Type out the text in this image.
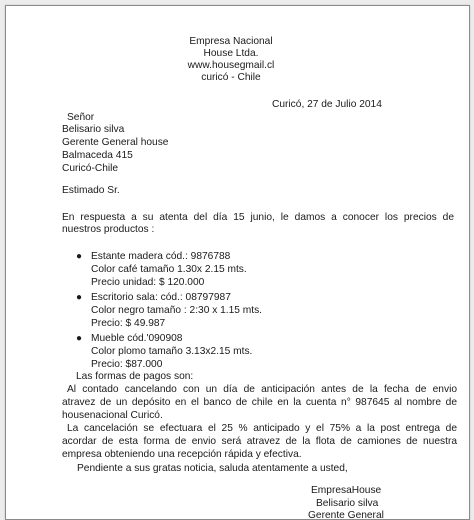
Empresa Nacional
House Ltda.
www.housegmail.cl
curicó - Chile
Curicó, 27 de Julio 2014
Señor
Belisario silva
Gerente General house
Balmaceda 415
Curicó-Chile
Estimado Sr.
En respuesta a su atenta del día 15 junio, le damos a conocer los precios de
nuestros productos :
● Estante madera cód.: 9876788
Color café tamaño 1.30x 2.15 mts.
Precio unidad: $ 120.000
● Escritorio sala: cód.: 08797987
Color negro tamaño : 2:30 x 1.15 mts.
Precio: $ 49.987
● Mueble cód.'090908
Color plomo tamaño 3.13x2.15 mts.
Precio: $87.000
Las formas de pagos son:
Al contado cancelando con un día de anticipación antes de la fecha de envio
atravez de un depósito en el banco de chile en la cuenta n° 987645 al nombre de
housenacional Curicó.
La cancelación se efectuara el 25 % anticipado y el 75% a la post entrega de
acordar de esta forma de envio será atravez de la flota de camiones de nuestra
empresa obteniendo una recepción rápida y efectiva.
Pendiente a sus gratas noticia, saluda atentamente a usted,
EmpresaHouse
Belisario silva
Gerente General
